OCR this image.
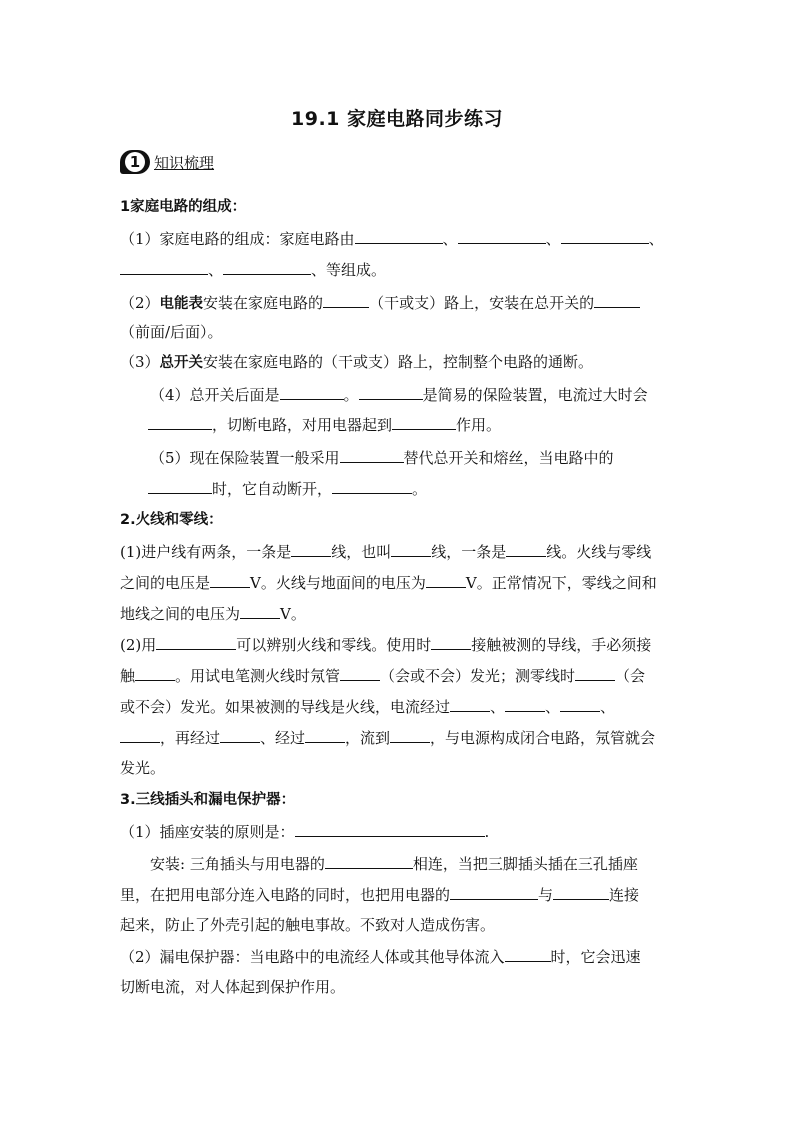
19.1 家庭电路同步练习
1 知识梳理
1家庭电路的组成：
（1）家庭电路的组成：家庭电路由	、	、	、
、	、等组成。
（2）电能表安装在家庭电路的	（干或支）路上，安装在总开关的
（前面/后面）。
（3）总开关安装在家庭电路的（干或支）路上，控制整个电路的通断。
（4）总开关后面是	。	是简易的保险装置，电流过大时会
，切断电路，对用电器起到	作用。
（5）现在保险装置一般采用	替代总开关和熔丝，当电路中的
时，它自动断开，	。
2.火线和零线：
(1)进户线有两条，一条是	线，也叫	线，一条是	线。火线与零线
之间的电压是	V。火线与地面间的电压为	V。正常情况下，零线之间和
地线之间的电压为	V。
(2)用	可以辨别火线和零线。使用时	接触被测的导线，手必须接
触	。用试电笔测火线时氖管	（会或不会）发光；测零线时	（会
或不会）发光。如果被测的导线是火线，电流经过	、	、	、
，再经过	、经过	，流到	，与电源构成闭合电路，氖管就会
发光。
3.三线插头和漏电保护器：
（1）插座安装的原则是：	.
安装: 三角插头与用电器的	相连，当把三脚插头插在三孔插座
里，在把用电部分连入电路的同时，也把用电器的	与	连接
起来，防止了外壳引起的触电事故。不致对人造成伤害。
（2）漏电保护器：当电路中的电流经人体或其他导体流入	时，它会迅速
切断电流，对人体起到保护作用。
